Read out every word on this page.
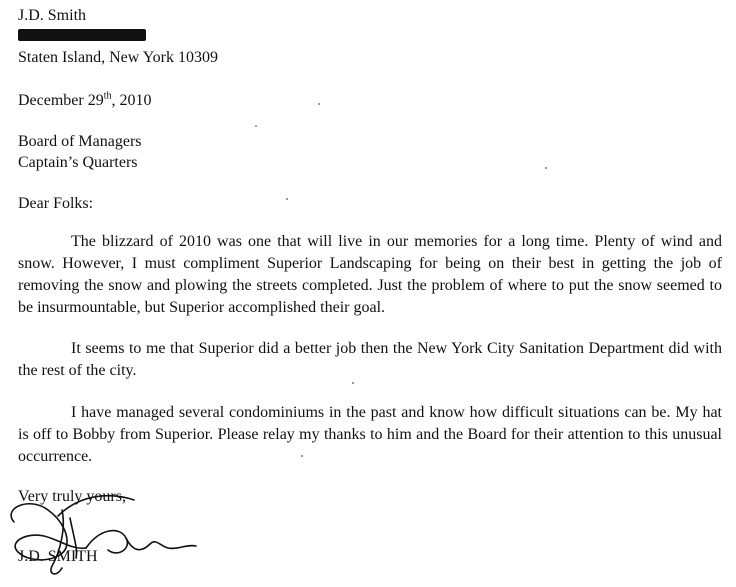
J.D. Smith
Staten Island, New York 10309
December 29th, 2010
Board of Managers
Captain’s Quarters
Dear Folks:

The blizzard of 2010 was one that will live in our memories for a long time. Plenty of wind and snow. However, I must compliment Superior Landscaping for being on their best in getting the job of removing the snow and plowing the streets completed. Just the problem of where to put the snow seemed to be insurmountable, but Superior accomplished their goal.

It seems to me that Superior did a better job then the New York City Sanitation Department did with the rest of the city.

I have managed several condominiums in the past and know how difficult situations can be. My hat is off to Bobby from Superior. Please relay my thanks to him and the Board for their attention to this unusual occurrence.

Very truly yours,
J.D. SMITH
